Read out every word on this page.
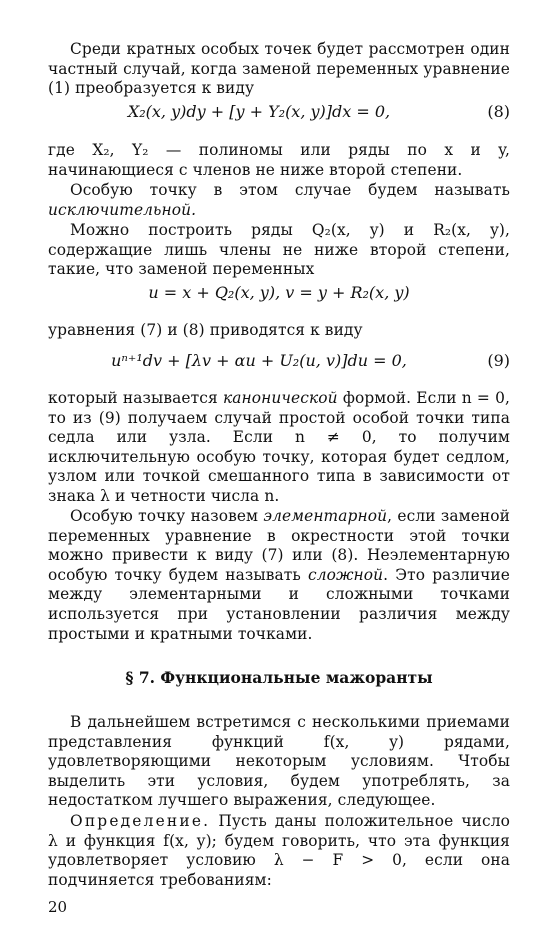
Среди кратных особых точек будет рассмотрен один частный случай, когда заменой переменных уравнение (1) преобразуется к виду
X₂(x, y)dy + [y + Y₂(x, y)]dx = 0,	(8)
где X₂, Y₂ — полиномы или ряды по x и y, начинающиеся с членов не ниже второй степени.
Особую точку в этом случае будем называть исключительной.
Можно построить ряды Q₂(x, y) и R₂(x, y), содержащие лишь члены не ниже второй степени, такие, что заменой переменных
u = x + Q₂(x, y), v = y + R₂(x, y)
уравнения (7) и (8) приводятся к виду
uⁿ⁺¹dv + [λv + αu + U₂(u, v)]du = 0,	(9)
который называется канонической формой. Если n = 0, то из (9) получаем случай простой особой точки типа седла или узла. Если n ≠ 0, то получим исключительную особую точку, которая будет седлом, узлом или точкой смешанного типа в зависимости от знака λ и четности числа n.
Особую точку назовем элементарной, если заменой переменных уравнение в окрестности этой точки можно привести к виду (7) или (8). Неэлементарную особую точку будем называть сложной. Это различие между элементарными и сложными точками используется при установлении различия между простыми и кратными точками.
§ 7. Функциональные мажоранты
В дальнейшем встретимся с несколькими приемами представления функций f(x, y) рядами, удовлетворяющими некоторым условиям. Чтобы выделить эти условия, будем употреблять, за недостатком лучшего выражения, следующее.
Определение. Пусть даны положительное число λ и функция f(x, y); будем говорить, что эта функция удовлетворяет условию λ − F > 0, если она подчиняется требованиям:
20
